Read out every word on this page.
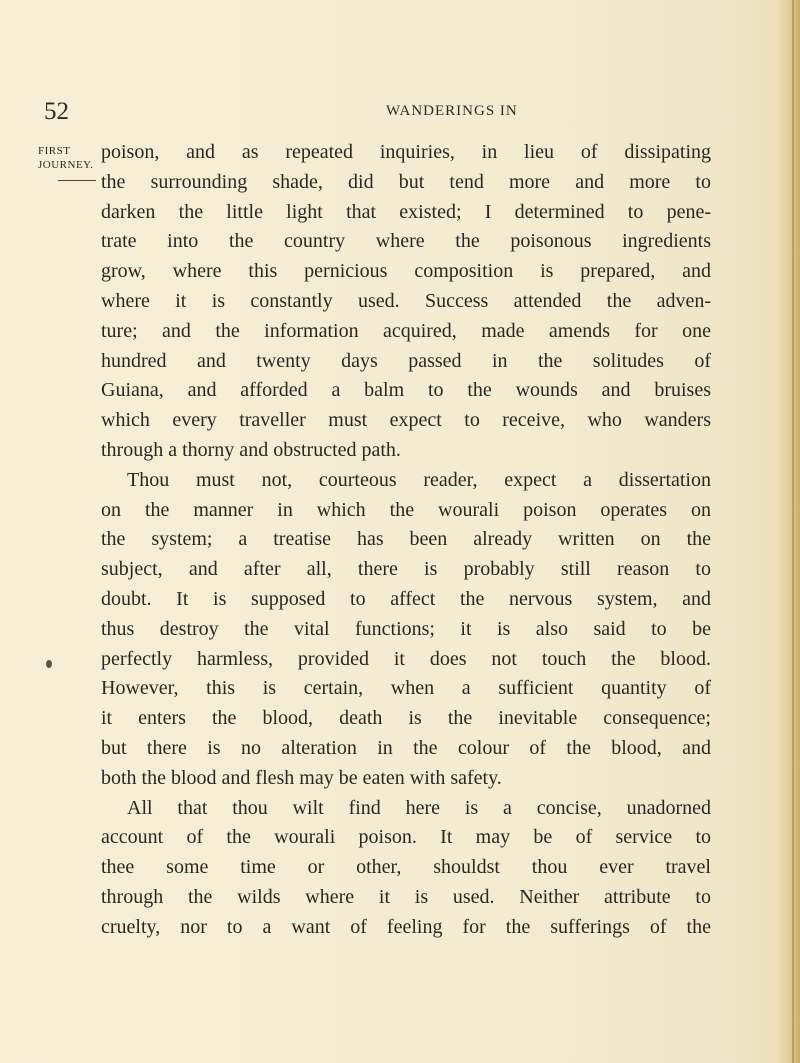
52	WANDERINGS IN
FIRST
JOURNEY.
poison, and as repeated inquiries, in lieu of dissipating
the surrounding shade, did but tend more and more to
darken the little light that existed; I determined to pene-
trate into the country where the poisonous ingredients
grow, where this pernicious composition is prepared, and
where it is constantly used. Success attended the adven-
ture; and the information acquired, made amends for one
hundred and twenty days passed in the solitudes of
Guiana, and afforded a balm to the wounds and bruises
which every traveller must expect to receive, who wanders
through a thorny and obstructed path.
Thou must not, courteous reader, expect a dissertation
on the manner in which the wourali poison operates on
the system; a treatise has been already written on the
subject, and after all, there is probably still reason to
doubt. It is supposed to affect the nervous system, and
thus destroy the vital functions; it is also said to be
perfectly harmless, provided it does not touch the blood.
However, this is certain, when a sufficient quantity of
it enters the blood, death is the inevitable consequence;
but there is no alteration in the colour of the blood, and
both the blood and flesh may be eaten with safety.
All that thou wilt find here is a concise, unadorned
account of the wourali poison. It may be of service to
thee some time or other, shouldst thou ever travel
through the wilds where it is used. Neither attribute to
cruelty, nor to a want of feeling for the sufferings of the
